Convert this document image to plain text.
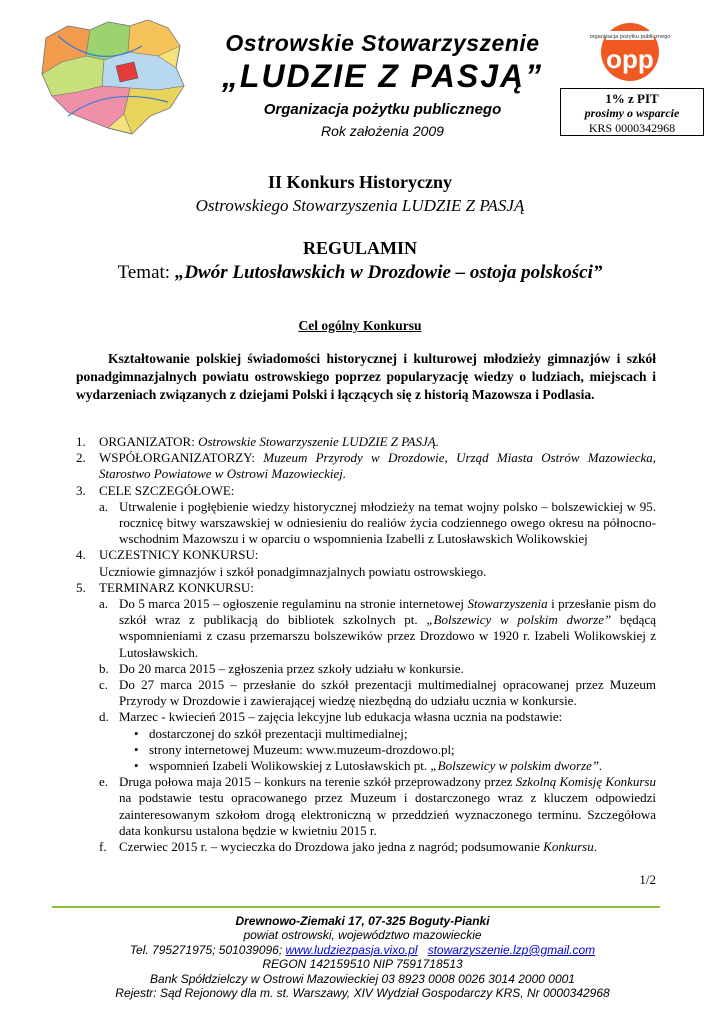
Ostrowskie Stowarzyszenie
„LUDZIE Z PASJĄ”
Organizacja pożytku publicznego
Rok założenia 2009
organizacja pożytku publicznego
opp
1% z PIT
prosimy o wsparcie
KRS 0000342968
II Konkurs Historyczny
Ostrowskiego Stowarzyszenia LUDZIE Z PASJĄ
REGULAMIN
Temat: „Dwór Lutosławskich w Drozdowie – ostoja polskości”
Cel ogólny Konkursu
Kształtowanie polskiej świadomości historycznej i kulturowej młodzieży gimnazjów i szkół ponadgimnazjalnych powiatu ostrowskiego poprzez popularyzację wiedzy o ludziach, miejscach i wydarzeniach związanych z dziejami Polski i łączących się z historią Mazowsza i Podlasia.
1. ORGANIZATOR: Ostrowskie Stowarzyszenie LUDZIE Z PASJĄ.
2. WSPÓŁORGANIZATORZY: Muzeum Przyrody w Drozdowie, Urząd Miasta Ostrów Mazowiecka, Starostwo Powiatowe w Ostrowi Mazowieckiej.
3. CELE SZCZEGÓŁOWE:
a. Utrwalenie i pogłębienie wiedzy historycznej młodzieży na temat wojny polsko – bolszewickiej w 95. rocznicę bitwy warszawskiej w odniesieniu do realiów życia codziennego owego okresu na północno-wschodnim Mazowszu i w oparciu o wspomnienia Izabelli z Lutosławskich Wolikowskiej
4. UCZESTNICY KONKURSU:
Uczniowie gimnazjów i szkół ponadgimnazjalnych powiatu ostrowskiego.
5. TERMINARZ KONKURSU:
a. Do 5 marca 2015 – ogłoszenie regulaminu na stronie internetowej Stowarzyszenia i przesłanie pism do szkół wraz z publikacją do bibliotek szkolnych pt. „Bolszewicy w polskim dworze” będącą wspomnieniami z czasu przemarszu bolszewików przez Drozdowo w 1920 r. Izabeli Wolikowskiej z Lutosławskich.
b. Do 20 marca 2015 – zgłoszenia przez szkoły udziału w konkursie.
c. Do 27 marca 2015 – przesłanie do szkół prezentacji multimedialnej opracowanej przez Muzeum Przyrody w Drozdowie i zawierającej wiedzę niezbędną do udziału ucznia w konkursie.
d. Marzec - kwiecień 2015 – zajęcia lekcyjne lub edukacja własna ucznia na podstawie:
• dostarczonej do szkół prezentacji multimedialnej;
• strony internetowej Muzeum: www.muzeum-drozdowo.pl;
• wspomnień Izabeli Wolikowskiej z Lutosławskich pt. „Bolszewicy w polskim dworze”.
e. Druga połowa maja 2015 – konkurs na terenie szkół przeprowadzony przez Szkolną Komisję Konkursu na podstawie testu opracowanego przez Muzeum i dostarczonego wraz z kluczem odpowiedzi zainteresowanym szkołom drogą elektroniczną w przeddzień wyznaczonego terminu. Szczegółowa data konkursu ustalona będzie w kwietniu 2015 r.
f. Czerwiec 2015 r. – wycieczka do Drozdowa jako jedna z nagród; podsumowanie Konkursu.
1/2
Drewnowo-Ziemaki 17, 07-325 Boguty-Pianki
powiat ostrowski, województwo mazowieckie
Tel. 795271975; 501039096; www.ludziezpasja.vixo.pl stowarzyszenie.lzp@gmail.com
REGON 142159510 NIP 7591718513
Bank Spółdzielczy w Ostrowi Mazowieckiej 03 8923 0008 0026 3014 2000 0001
Rejestr: Sąd Rejonowy dla m. st. Warszawy, XIV Wydział Gospodarczy KRS, Nr 0000342968
